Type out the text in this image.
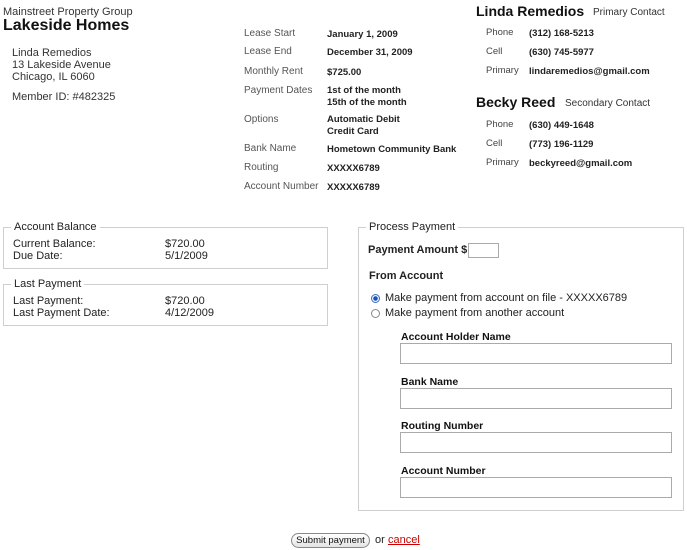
Mainstreet Property Group
Lakeside Homes
Linda Remedios
13 Lakeside Avenue
Chicago, IL 6060
Member ID: #482325
Lease Start	January 1, 2009
Lease End	December 31, 2009
Monthly Rent	$725.00
Payment Dates 1st of the month
15th of the month
Options	Automatic Debit
Credit Card
Bank Name	Hometown Community Bank
Routing	XXXXX6789
Account Number XXXXX6789
Linda Remedios Primary Contact
Phone (312) 168-5213
Cell	(630) 745-5977
Primary lindaremedios@gmail.com
Becky Reed Secondary Contact
Phone (630) 449-1648
Cell	(773) 196-1129
Primary beckyreed@gmail.com
Account Balance
Current Balance:	$720.00
Due Date:	5/1/2009
Last Payment
Last Payment:	$720.00
Last Payment Date:	4/12/2009
Process Payment
Payment Amount $
From Account
Make payment from account on file - XXXXX6789
Make payment from another account
Account Holder Name
Bank Name
Routing Number
Account Number
Submit payment or cancel
